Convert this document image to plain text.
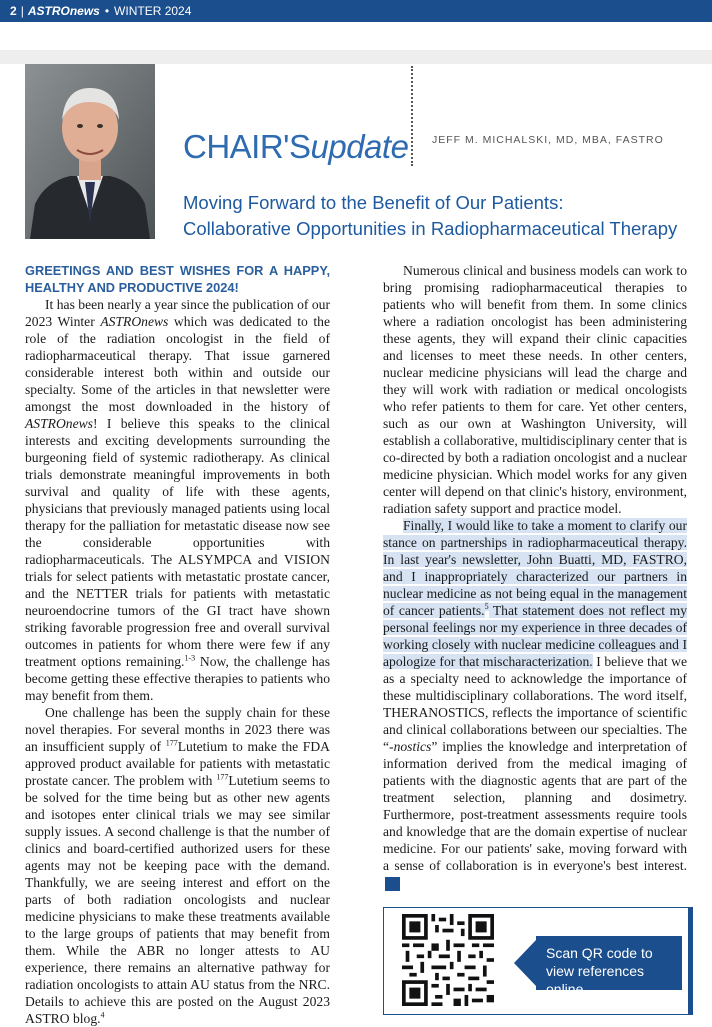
2 | ASTROnews • WINTER 2024
CHAIR'Supdate JEFF M. MICHALSKI, MD, MBA, FASTRO
Moving Forward to the Benefit of Our Patients:
Collaborative Opportunities in Radiopharmaceutical Therapy
GREETINGS AND BEST WISHES FOR A HAPPY, HEALTHY AND PRODUCTIVE 2024!

It has been nearly a year since the publication of our 2023 Winter ASTROnews which was dedicated to the role of the radiation oncologist in the field of radiopharmaceutical therapy. That issue garnered considerable interest both within and outside our specialty. Some of the articles in that newsletter were amongst the most downloaded in the history of ASTROnews! I believe this speaks to the clinical interests and exciting developments surrounding the burgeoning field of systemic radiotherapy. As clinical trials demonstrate meaningful improvements in both survival and quality of life with these agents, physicians that previously managed patients using local therapy for the palliation for metastatic disease now see the considerable opportunities with radiopharmaceuticals. The ALSYMPCA and VISION trials for select patients with metastatic prostate cancer, and the NETTER trials for patients with metastatic neuroendocrine tumors of the GI tract have shown striking favorable progression free and overall survival outcomes in patients for whom there were few if any treatment options remaining.$^{1-3}$ Now, the challenge has become getting these effective therapies to patients who may benefit from them.

One challenge has been the supply chain for these novel therapies. For several months in 2023 there was an insufficient supply of $^{177}$Lutetium to make the FDA approved product available for patients with metastatic prostate cancer. The problem with $^{177}$Lutetium seems to be solved for the time being but as other new agents and isotopes enter clinical trials we may see similar supply issues. A second challenge is that the number of clinics and board-certified authorized users for these agents may not be keeping pace with the demand. Thankfully, we are seeing interest and effort on the parts of both radiation oncologists and nuclear medicine physicians to make these treatments available to the large groups of patients that may benefit from them. While the ABR no longer attests to AU experience, there remains an alternative pathway for radiation oncologists to attain AU status from the NRC. Details to achieve this are posted on the August 2023 ASTRO blog.$^4$

Numerous clinical and business models can work to bring promising radiopharmaceutical therapies to patients who will benefit from them. In some clinics where a radiation oncologist has been administering these agents, they will expand their clinic capacities and licenses to meet these needs. In other centers, nuclear medicine physicians will lead the charge and they will work with radiation or medical oncologists who refer patients to them for care. Yet other centers, such as our own at Washington University, will establish a collaborative, multidisciplinary center that is co-directed by both a radiation oncologist and a nuclear medicine physician. Which model works for any given center will depend on that clinic's history, environment, radiation safety support and practice model.

Finally, I would like to take a moment to clarify our stance on partnerships in radiopharmaceutical therapy. In last year's newsletter, John Buatti, MD, FASTRO, and I inappropriately characterized our partners in nuclear medicine as not being equal in the management of cancer patients.$^5$ That statement does not reflect my personal feelings nor my experience in three decades of working closely with nuclear medicine colleagues and I apologize for that mischaracterization. I believe that we as a specialty need to acknowledge the importance of these multidisciplinary collaborations. The word itself, THERANOSTICS, reflects the importance of scientific and clinical collaborations between our specialties. The “-nostics” implies the knowledge and interpretation of information derived from the medical imaging of patients with the diagnostic agents that are part of the treatment selection, planning and dosimetry. Furthermore, post-treatment assessments require tools and knowledge that are the domain expertise of nuclear medicine. For our patients' sake, moving forward with a sense of collaboration is in everyone's best interest.

Scan QR code to view references online.
